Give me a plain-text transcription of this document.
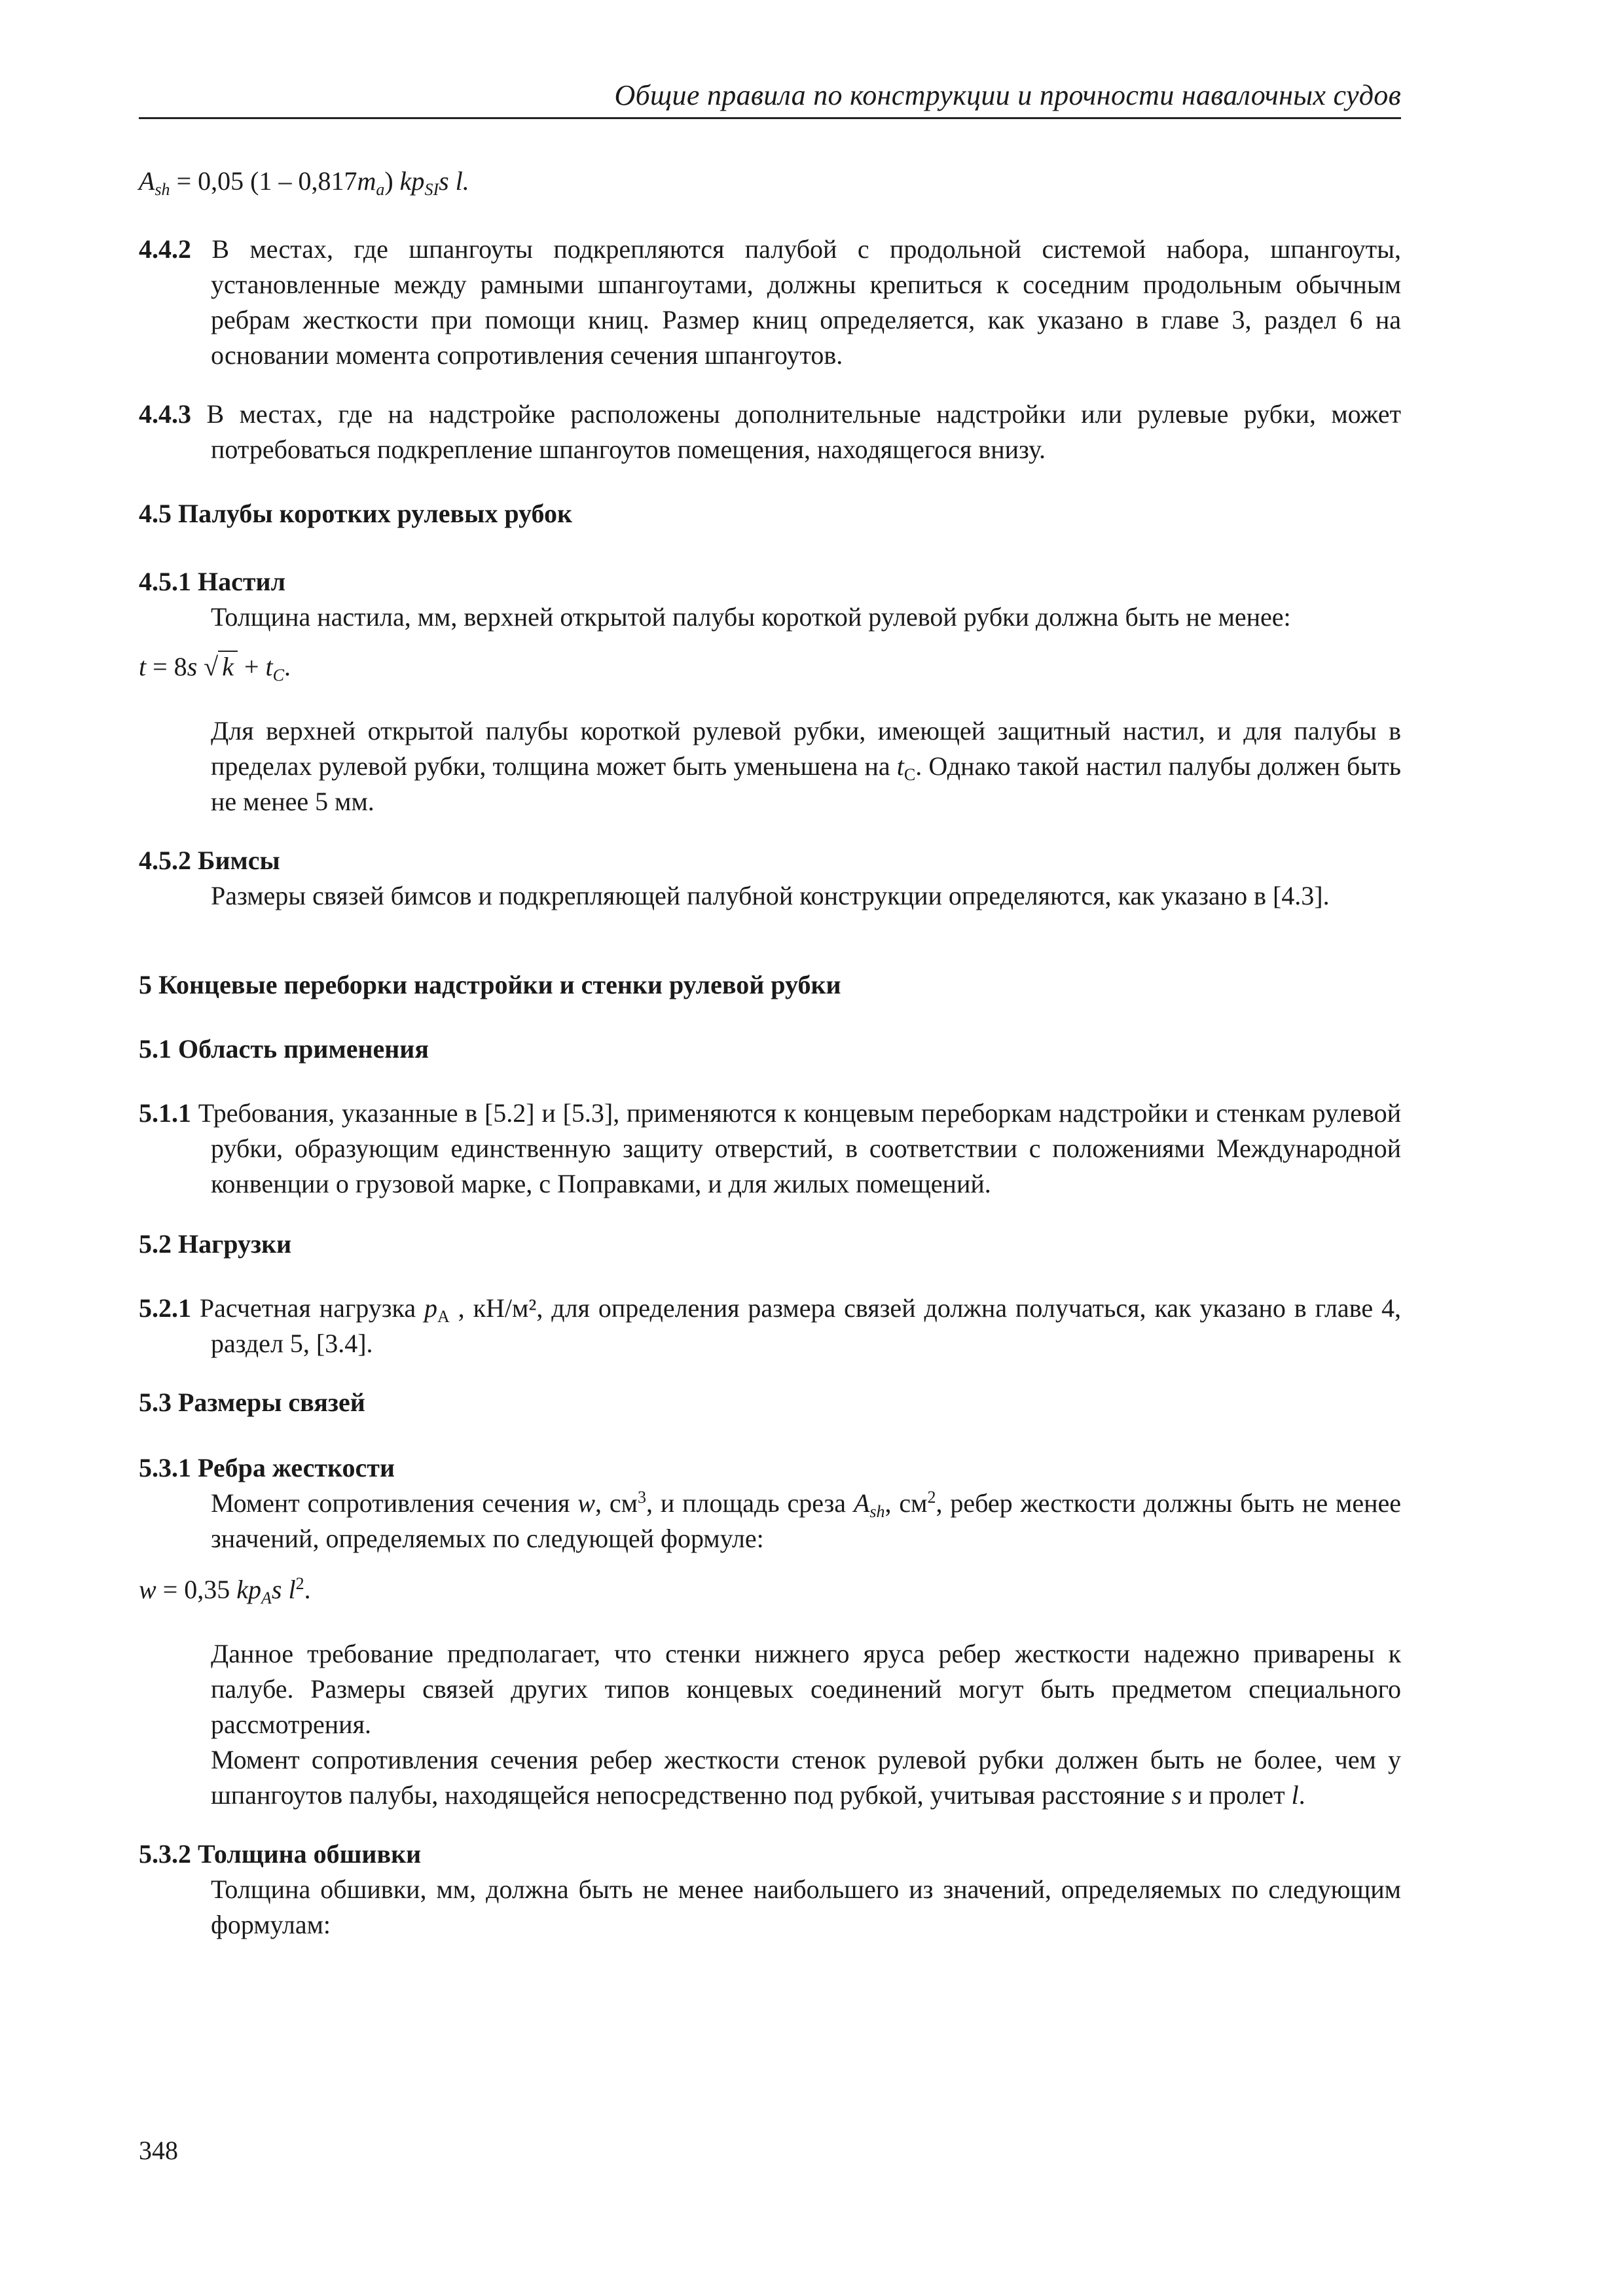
Общие правила по конструкции и прочности навалочных судов

$A_{sh} = 0,05$ $(1 - 0,817m_a)$ $kp_{SI}s$ l.

4.4.2 В местах, где шпангоуты подкрепляются палубой с продольной системой набора, шпангоуты, установленные между рамными шпангоутами, должны крепиться к соседним продольным обычным ребрам жесткости при помощи книц. Размер книц определяется, как указано в главе 3, раздел 6 на основании момента сопротивления сечения шпангоутов.

4.4.3 В местах, где на надстройке расположены дополнительные надстройки или рулевые рубки, может потребоваться подкрепление шпангоутов помещения, находящегося внизу.

4.5 Палубы коротких рулевых рубок

4.5.1 Настил

Толщина настила, мм, верхней открытой палубы короткой рулевой рубки должна быть не менее:

t = 8s √ $k + t_C$.

Для верхней открытой палубы короткой рулевой рубки, имеющей защитный настил, и для палубы в пределах рулевой рубки, толщина может быть уменьшена на $t_C$. Однако такой настил палубы должен быть не менее 5 мм.

4.5.2 Бимсы

Размеры связей бимсов и подкрепляющей палубной конструкции определяются, как указано в [4.3].

5 Концевые переборки надстройки и стенки рулевой рубки

5.1 Область применения

5.1.1 Требования, указанные в [5.2] и [5.3], применяются к концевым переборкам надстройки и стенкам рулевой рубки, образующим единственную защиту отверстий, в соответствии с положениями Международной конвенции о грузовой марке, с Поправками, и для жилых помещений.

5.2 Нагрузки

5.2.1 Расчетная нагрузка $p_A$ , кН/м², для определения размера связей должна получаться, как указано в главе 4, раздел 5, [3.4].

5.3 Размеры связей

5.3.1 Ребра жесткости

Момент сопротивления сечения w, $см^3$, и площадь среза $A_{sh}$, $см^2$, ребер жесткости должны быть не менее значений, определяемых по следующей формуле:

w = 0,35 $kp_As$ $l^2$.

Данное требование предполагает, что стенки нижнего яруса ребер жесткости надежно приварены к палубе. Размеры связей других типов концевых соединений могут быть предметом специального рассмотрения.

Момент сопротивления сечения ребер жесткости стенок рулевой рубки должен быть не более, чем у шпангоутов палубы, находящейся непосредственно под рубкой, учитывая расстояние s и пролет l.

5.3.2 Толщина обшивки

Толщина обшивки, мм, должна быть не менее наибольшего из значений, определяемых по следующим формулам:

348
